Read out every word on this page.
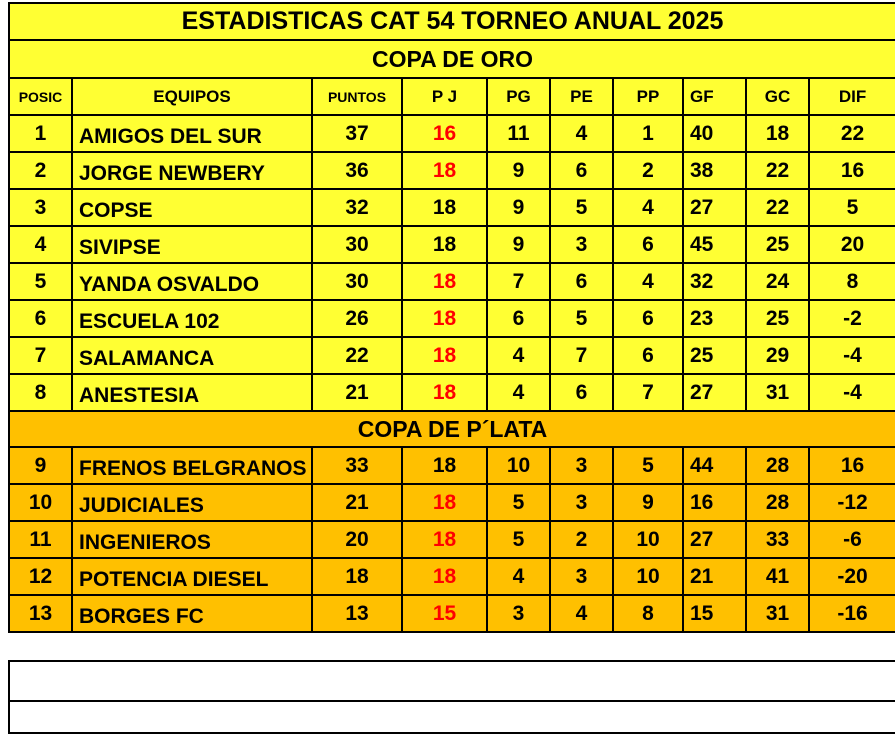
ESTADISTICAS CAT 54 TORNEO ANUAL 2025									
COPA DE ORO									
POSIC	EQUIPOS	PUNTOS	P J	PG	PE	PP	GF	GC	DIF
1	AMIGOS DEL SUR	37	16	11	4	1	40	18	22
2	JORGE NEWBERY	36	18	9	6	2	38	22	16
3	COPSE	32	18	9	5	4	27	22	5
4	SIVIPSE	30	18	9	3	6	45	25	20
5	YANDA OSVALDO	30	18	7	6	4	32	24	8
6	ESCUELA 102	26	18	6	5	6	23	25	-2
7	SALAMANCA	22	18	4	7	6	25	29	-4
8	ANESTESIA	21	18	4	6	7	27	31	-4
COPA DE P´LATA									
9	FRENOS BELGRANOS	33	18	10	3	5	44	28	16
10	JUDICIALES	21	18	5	3	9	16	28	-12
11	INGENIEROS	20	18	5	2	10	27	33	-6
12	POTENCIA DIESEL	18	18	4	3	10	21	41	-20
13	BORGES FC	13	15	3	4	8	15	31	-16
